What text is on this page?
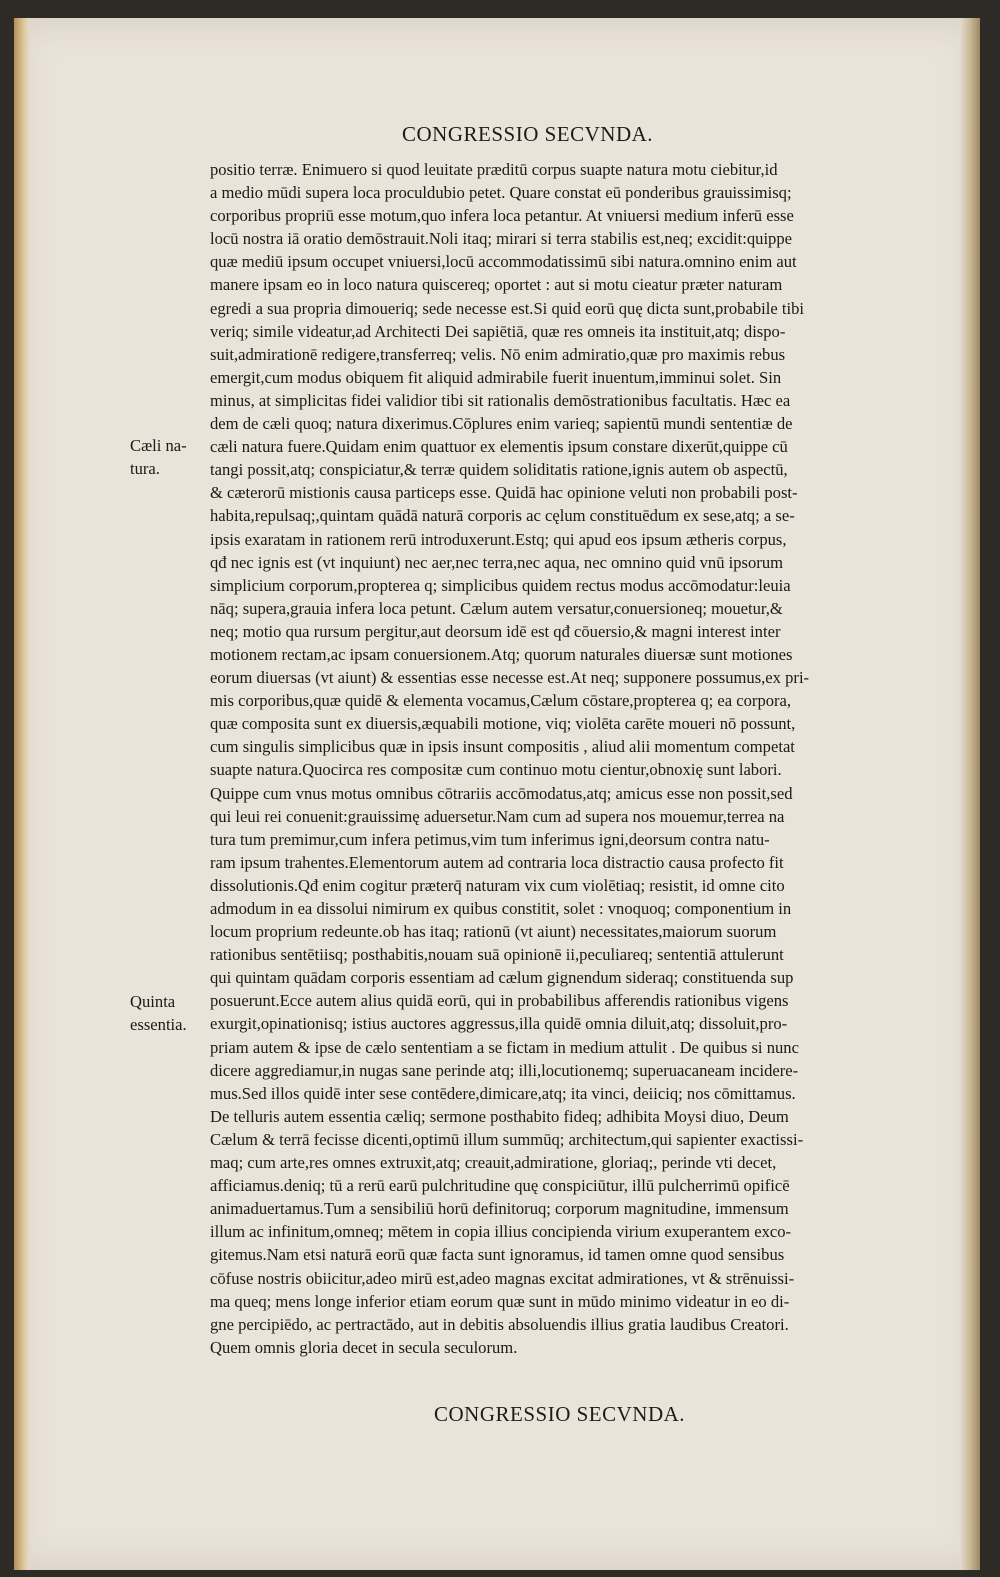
CONGRESSIO SECVNDA.
Cæli na- tura.
Quinta essentia.
positio terræ. Enimuero si quod leuitate præditū corpus suapte natura motu ciebitur,id
a medio mūdi supera loca proculdubio petet. Quare constat eū ponderibus grauissimisq;
corporibus propriū esse motum,quo infera loca petantur. At vniuersi medium inferū esse
locū nostra iā oratio demōstrauit.Noli itaq; mirari si terra stabilis est,neq; excidit:quippe
quæ mediū ipsum occupet vniuersi,locū accommodatissimū sibi natura.omnino enim aut
manere ipsam eo in loco natura quiscereq; oportet : aut si motu cieatur præter naturam
egredi a sua propria dimoueriq; sede necesse est.Si quid eorū quę dicta sunt,probabile tibi
veriq; simile videatur,ad Architecti Dei sapiētiā, quæ res omneis ita instituit,atq; dispo-
suit,admirationē redigere,transferreq; velis. Nō enim admiratio,quæ pro maximis rebus
emergit,cum modus obiquem fit aliquid admirabile fuerit inuentum,imminui solet. Sin
minus, at simplicitas fidei validior tibi sit rationalis demōstrationibus facultatis. Hæc ea
dem de cæli quoq; natura dixerimus.Cōplures enim varieq; sapientū mundi sententiæ de
cæli natura fuere.Quidam enim quattuor ex elementis ipsum constare dixerūt,quippe cū
tangi possit,atq; conspiciatur,& terræ quidem soliditatis ratione,ignis autem ob aspectū,
& cæterorū mistionis causa particeps esse. Quidā hac opinione veluti non probabili post-
habita,repulsaq;,quintam quādā naturā corporis ac cęlum constituēdum ex sese,atq; a se-
ipsis exaratam in rationem rerū introduxerunt.Estq; qui apud eos ipsum ætheris corpus,
qđ nec ignis est (vt inquiunt) nec aer,nec terra,nec aqua, nec omnino quid vnū ipsorum
simplicium corporum,propterea q; simplicibus quidem rectus modus accōmodatur:leuia
nāq; supera,grauia infera loca petunt. Cælum autem versatur,conuersioneq; mouetur,&
neq; motio qua rursum pergitur,aut deorsum idē est qđ cōuersio,& magni interest inter
motionem rectam,ac ipsam conuersionem.Atq; quorum naturales diuersæ sunt motiones
eorum diuersas (vt aiunt) & essentias esse necesse est.At neq; supponere possumus,ex pri-
mis corporibus,quæ quidē & elementa vocamus,Cælum cōstare,propterea q; ea corpora,
quæ composita sunt ex diuersis,æquabili motione, viq; violēta carēte moueri nō possunt,
cum singulis simplicibus quæ in ipsis insunt compositis , aliud alii momentum competat
suapte natura.Quocirca res compositæ cum continuo motu cientur,obnoxię sunt labori.
Quippe cum vnus motus omnibus cōtrariis accōmodatus,atq; amicus esse non possit,sed
qui leui rei conuenit:grauissimę aduersetur.Nam cum ad supera nos mouemur,terrea na
tura tum premimur,cum infera petimus,vim tum inferimus igni,deorsum contra natu-
ram ipsum trahentes.Elementorum autem ad contraria loca distractio causa profecto fit
dissolutionis.Qđ enim cogitur præterq̄ naturam vix cum violētiaq; resistit, id omne cito
admodum in ea dissolui nimirum ex quibus constitit, solet : vnoquoq; componentium in
locum proprium redeunte.ob has itaq; rationū (vt aiunt) necessitates,maiorum suorum
rationibus sentētiisq; posthabitis,nouam suā opinionē ii,peculiareq; sententiā attulerunt
qui quintam quādam corporis essentiam ad cælum gignendum sideraq; constituenda sup
posuerunt.Ecce autem alius quidā eorū, qui in probabilibus afferendis rationibus vigens
exurgit,opinationisq; istius auctores aggressus,illa quidē omnia diluit,atq; dissoluit,pro-
priam autem & ipse de cælo sententiam a se fictam in medium attulit . De quibus si nunc
dicere aggrediamur,in nugas sane perinde atq; illi,locutionemq; superuacaneam incidere-
mus.Sed illos quidē inter sese contēdere,dimicare,atq; ita vinci, deiiciq; nos cōmittamus.
De telluris autem essentia cæliq; sermone posthabito fideq; adhibita Moysi diuo, Deum
Cælum & terrā fecisse dicenti,optimū illum summūq; architectum,qui sapienter exactissi-
maq; cum arte,res omnes extruxit,atq; creauit,admiratione, gloriaq;, perinde vti decet,
afficiamus.deniq; tū a rerū earū pulchritudine quę conspiciūtur, illū pulcherrimū opificē
animaduertamus.Tum a sensibiliū horū definitoruq; corporum magnitudine, immensum
illum ac infinitum,omneq; mētem in copia illius concipienda virium exuperantem exco-
gitemus.Nam etsi naturā eorū quæ facta sunt ignoramus, id tamen omne quod sensibus
cōfuse nostris obiicitur,adeo mirū est,adeo magnas excitat admirationes, vt & strēnuissi-
ma queq; mens longe inferior etiam eorum quæ sunt in mūdo minimo videatur in eo di-
gne percipiēdo, ac pertractādo, aut in debitis absoluendis illius gratia laudibus Creatori.
Quem omnis gloria decet in secula seculorum.
CONGRESSIO SECVNDA.
